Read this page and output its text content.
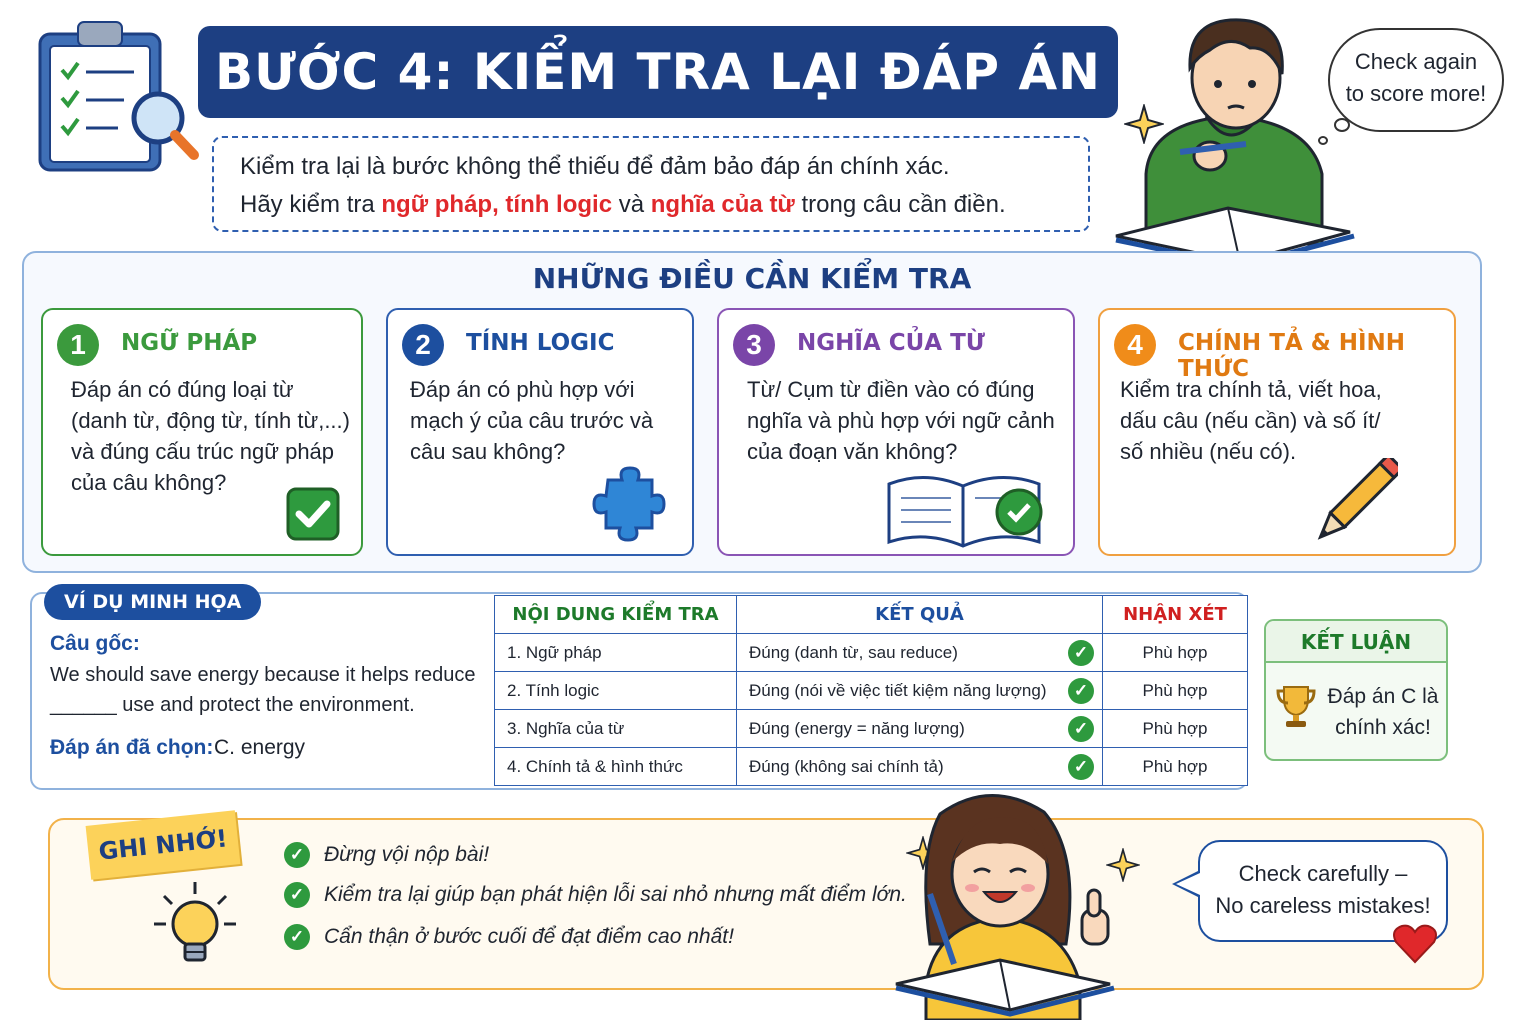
BƯỚC 4: KIỂM TRA LẠI ĐÁP ÁN
Kiểm tra lại là bước không thể thiếu để đảm bảo đáp án chính xác.
Hãy kiểm tra ngữ pháp, tính logic và nghĩa của từ trong câu cần điền.
Check again
to score more!
NHỮNG ĐIỀU CẦN KIỂM TRA
1	NGỮ PHÁP
Đáp án có đúng loại từ
(danh từ, động từ, tính từ,...)
và đúng cấu trúc ngữ pháp
của câu không?
2	TÍNH LOGIC
Đáp án có phù hợp với
mạch ý của câu trước và
câu sau không?
3	NGHĨA CỦA TỪ
Từ/ Cụm từ điền vào có đúng
nghĩa và phù hợp với ngữ cảnh
của đoạn văn không?
4	CHÍNH TẢ & HÌNH THỨC
Kiểm tra chính tả, viết hoa,
dấu câu (nếu cần) và số ít/
số nhiều (nếu có).
VÍ DỤ MINH HỌA
Câu gốc:
We should save energy because it helps reduce
______ use and protect the environment.
Đáp án đã chọn: C. energy
NỘI DUNG KIỂM TRA	KẾT QUẢ	NHẬN XÉT
1. Ngữ pháp	Đúng (danh từ, sau reduce) ✓	Phù hợp
2. Tính logic	Đúng (nói về việc tiết kiệm năng lượng) ✓	Phù hợp
3. Nghĩa của từ	Đúng (energy = năng lượng) ✓	Phù hợp
4. Chính tả & hình thức	Đúng (không sai chính tả) ✓	Phù hợp
KẾT LUẬN
Đáp án C là
chính xác!
GHI NHỚ!	✓ Đừng vội nộp bài!
✓ Kiểm tra lại giúp bạn phát hiện lỗi sai nhỏ nhưng mất điểm lớn.
✓ Cẩn thận ở bước cuối để đạt điểm cao nhất!
Check carefully –
No careless mistakes!
